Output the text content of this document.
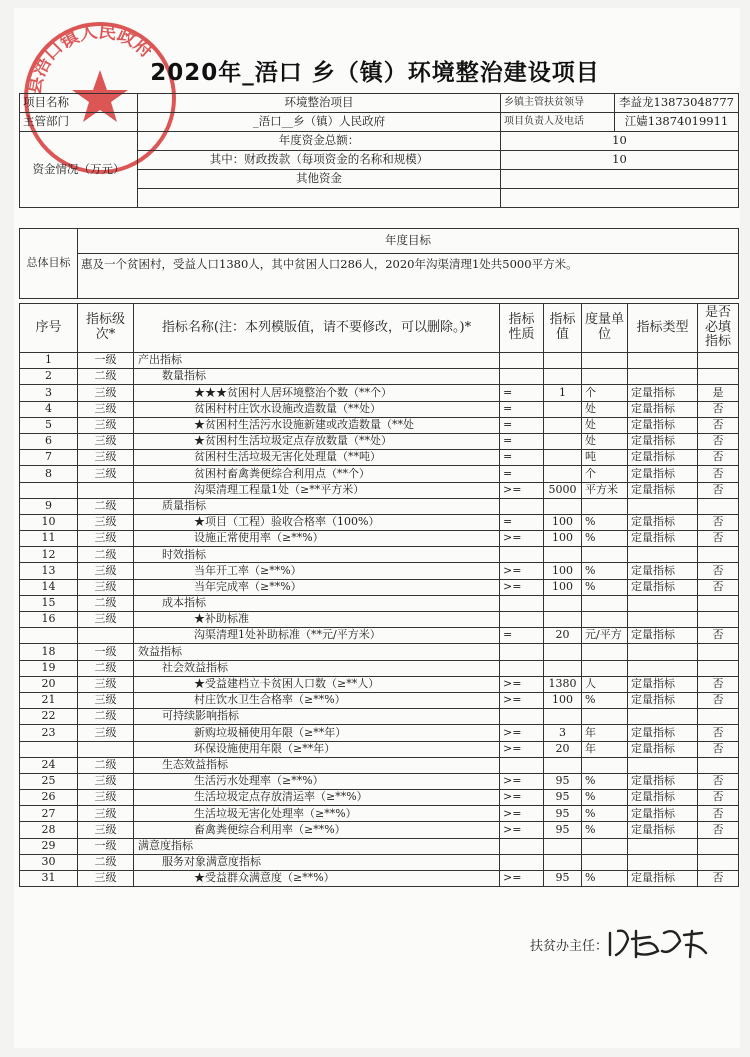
县浯口镇人民政府
2020年_浯口 乡（镇）环境整治建设项目
项目名称	环境整治项目	乡镇主管扶贫领导	李益龙13873048777
主管部门	_浯口__乡（镇）人民政府	项目负责人及电话	江嫱13874019911
资金情况（万元）	年度资金总额：	10	
	其中：财政拨款（每项资金的名称和规模）	10	
	其他资金		

总体目标	年度目标
惠及一个贫困村，受益人口1380人，其中贫困人口286人，2020年沟渠清理1处共5000平方米。
序号	指标级次*	指标名称(注：本列模版值，请不要修改，可以删除。)*	指标性质	指标值	度量单位	指标类型	是否必填指标
1	一级	产出指标					
2	二级	数量指标					
3	三级	★★★贫困村人居环境整治个数（**个）	=	1	个	定量指标	是
4	三级	贫困村村庄饮水设施改造数量（**处）	=		处	定量指标	否
5	三级	★贫困村生活污水设施新建或改造数量（**处	=		处	定量指标	否
6	三级	★贫困村生活垃圾定点存放数量（**处）	=		处	定量指标	否
7	三级	贫困村生活垃圾无害化处理量（**吨）	=		吨	定量指标	否
8	三级	贫困村畜禽粪便综合利用点（**个）	=		个	定量指标	否
		沟渠清理工程量1处（≥**平方米）	>=	5000	平方米	定量指标	否
9	二级	质量指标					
10	三级	★项目（工程）验收合格率（100%）	=	100	%	定量指标	否
11	三级	设施正常使用率（≥**%）	>=	100	%	定量指标	否
12	二级	时效指标					
13	三级	当年开工率（≥**%）	>=	100	%	定量指标	否
14	三级	当年完成率（≥**%）	>=	100	%	定量指标	否
15	二级	成本指标					
16	三级	★补助标准					
		沟渠清理1处补助标准（**元/平方米）	=	20	元/平方	定量指标	否
18	一级	效益指标					
19	二级	社会效益指标					
20	三级	★受益建档立卡贫困人口数（≥**人）	>=	1380	人	定量指标	否
21	三级	村庄饮水卫生合格率（≥**%）	>=	100	%	定量指标	否
22	二级	可持续影响指标					
23	三级	新购垃圾桶使用年限（≥**年）	>=	3	年	定量指标	否
		环保设施使用年限（≥**年）	>=	20	年	定量指标	否
24	二级	生态效益指标					
25	三级	生活污水处理率（≥**%）	>=	95	%	定量指标	否
26	三级	生活垃圾定点存放清运率（≥**%）	>=	95	%	定量指标	否
27	三级	生活垃圾无害化处理率（≥**%）	>=	95	%	定量指标	否
28	三级	畜禽粪便综合利用率（≥**%）	>=	95	%	定量指标	否
29	一级	满意度指标					
30	二级	服务对象满意度指标					
31	三级	★受益群众满意度（≥**%）	>=	95	%	定量指标	否
扶贫办主任：
